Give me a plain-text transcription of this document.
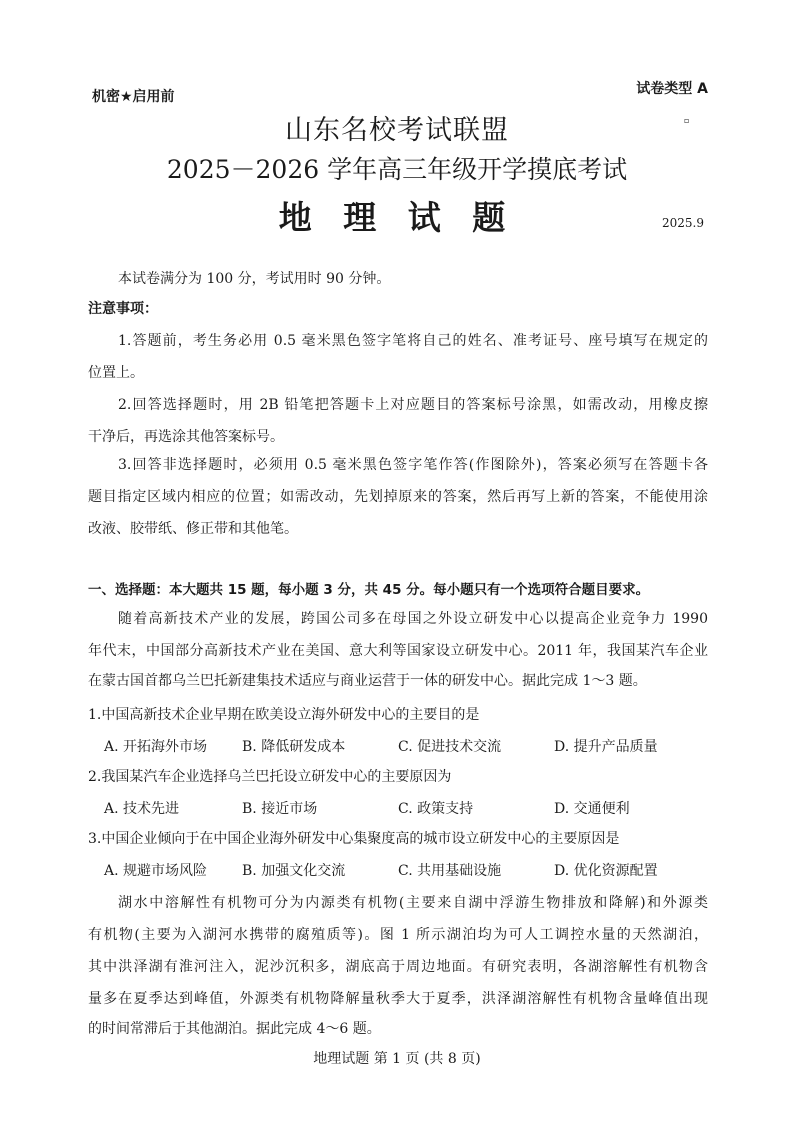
机密★启用前	试卷类型 A
▫
山东名校考试联盟
2025－2026 学年高三年级开学摸底考试
地 理 试 题	2025.9
本试卷满分为 100 分，考试用时 90 分钟。
注意事项：
1.答题前，考生务必用 0.5 毫米黑色签字笔将自己的姓名、准考证号、座号填写在规定的
位置上。
2.回答选择题时，用 2B 铅笔把答题卡上对应题目的答案标号涂黑，如需改动，用橡皮擦
干净后，再选涂其他答案标号。
3.回答非选择题时，必须用 0.5 毫米黑色签字笔作答(作图除外)，答案必须写在答题卡各
题目指定区域内相应的位置；如需改动，先划掉原来的答案，然后再写上新的答案，不能使用涂
改液、胶带纸、修正带和其他笔。
一、选择题：本大题共 15 题，每小题 3 分，共 45 分。每小题只有一个选项符合题目要求。
随着高新技术产业的发展，跨国公司多在母国之外设立研发中心以提高企业竞争力 1990
年代末，中国部分高新技术产业在美国、意大利等国家设立研发中心。2011 年，我国某汽车企业
在蒙古国首都乌兰巴托新建集技术适应与商业运营于一体的研发中心。据此完成 1～3 题。
1.中国高新技术企业早期在欧美设立海外研发中心的主要目的是
A. 开拓海外市场 B. 降低研发成本	C. 促进技术交流	D. 提升产品质量
2.我国某汽车企业选择乌兰巴托设立研发中心的主要原因为
A. 技术先进	B. 接近市场	C. 政策支持	D. 交通便利
3.中国企业倾向于在中国企业海外研发中心集聚度高的城市设立研发中心的主要原因是
A. 规避市场风险 B. 加强文化交流	C. 共用基础设施	D. 优化资源配置
湖水中溶解性有机物可分为内源类有机物(主要来自湖中浮游生物排放和降解)和外源类
有机物(主要为入湖河水携带的腐殖质等)。图 1 所示湖泊均为可人工调控水量的天然湖泊，
其中洪泽湖有淮河注入，泥沙沉积多，湖底高于周边地面。有研究表明，各湖溶解性有机物含
量多在夏季达到峰值，外源类有机物降解量秋季大于夏季，洪泽湖溶解性有机物含量峰值出现
的时间常滞后于其他湖泊。据此完成 4～6 题。
地理试题 第 1 页 (共 8 页)
